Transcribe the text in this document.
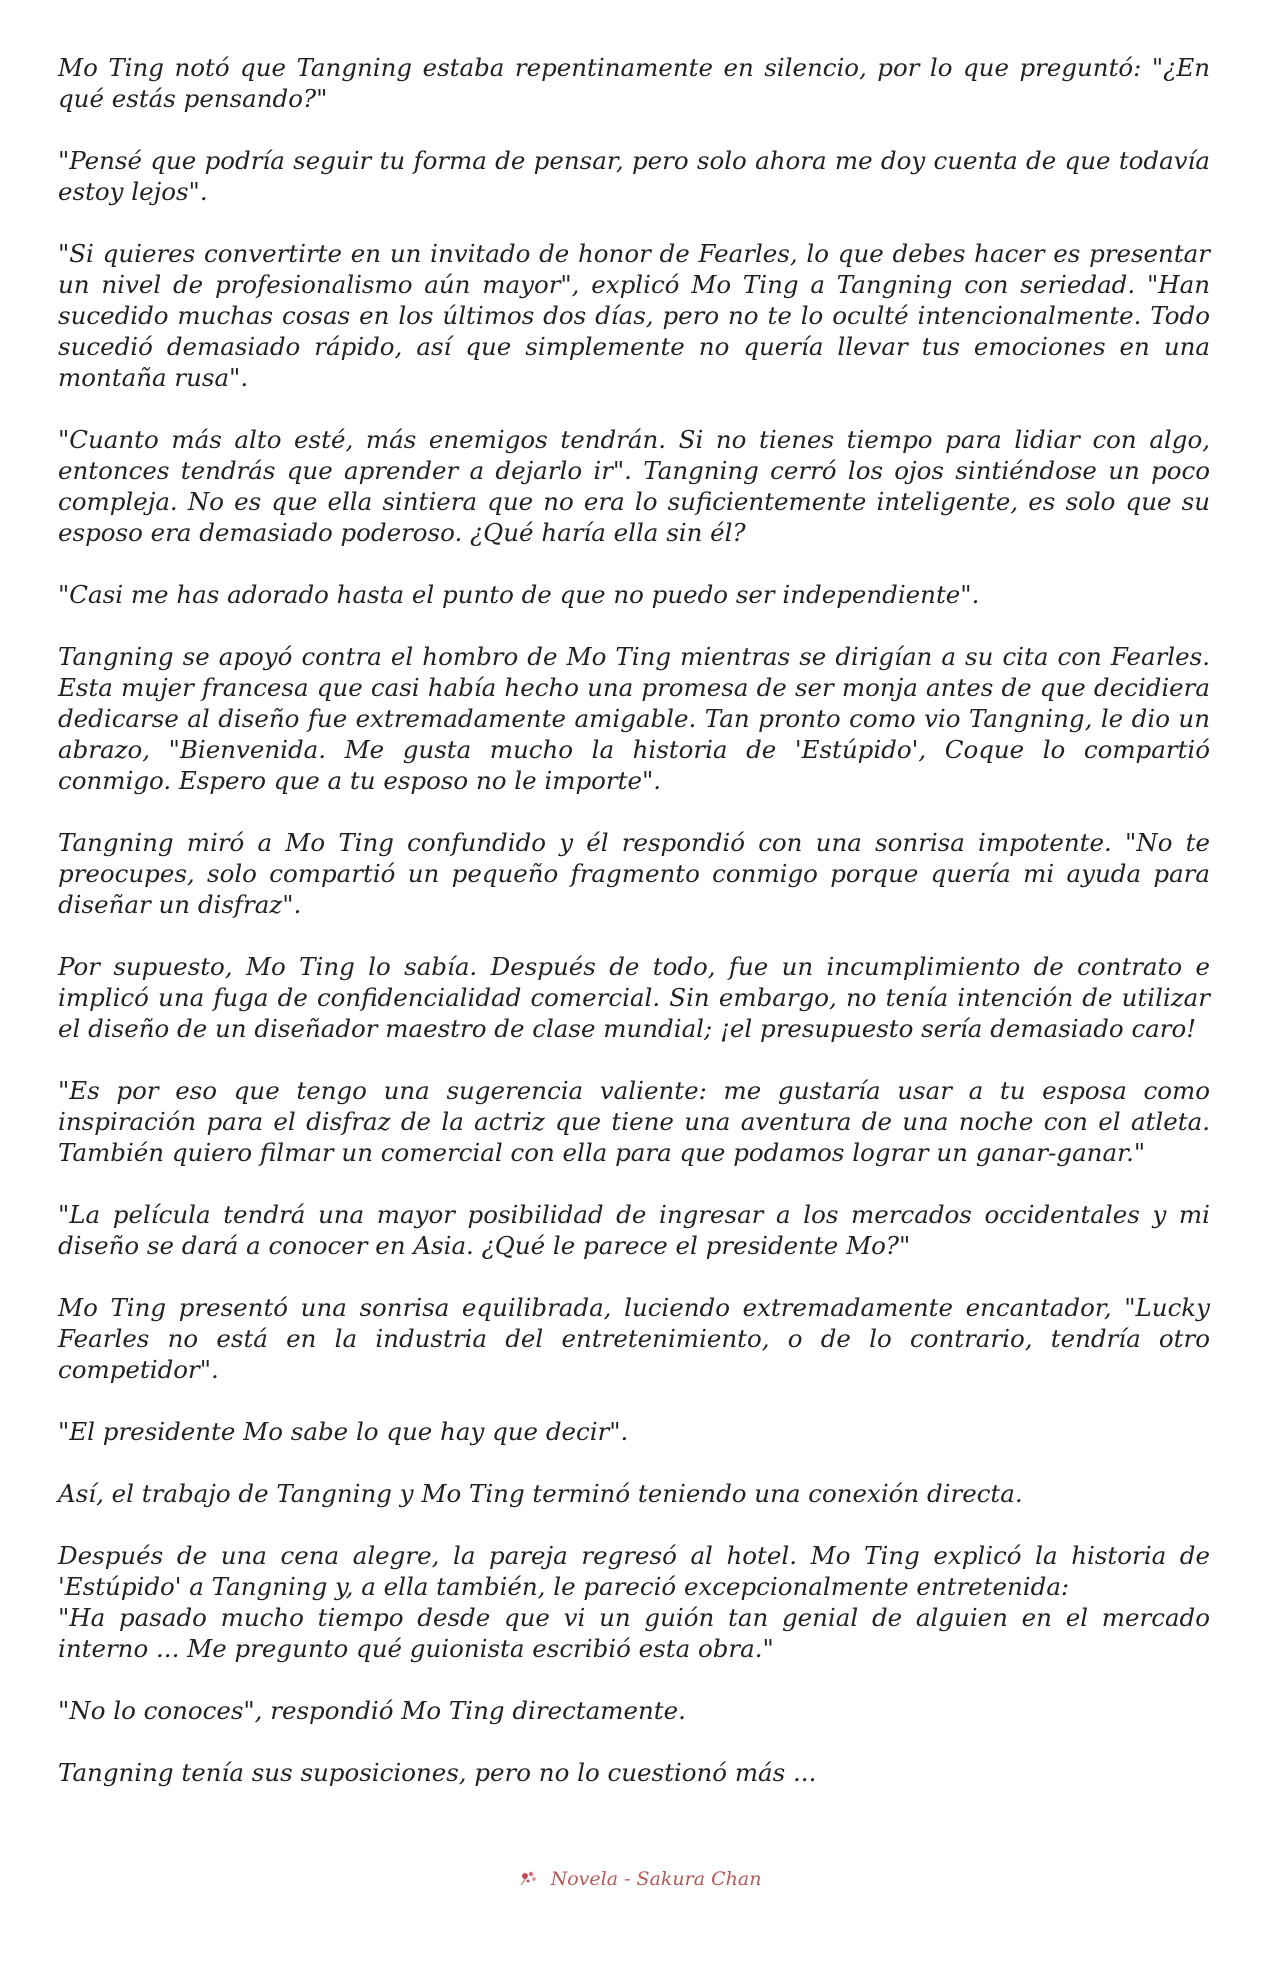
Mo Ting notó que Tangning estaba repentinamente en silencio, por lo que preguntó: "¿En qué estás pensando?"

"Pensé que podría seguir tu forma de pensar, pero solo ahora me doy cuenta de que todavía estoy lejos".

"Si quieres convertirte en un invitado de honor de Fearles, lo que debes hacer es presentar un nivel de profesionalismo aún mayor", explicó Mo Ting a Tangning con seriedad. "Han sucedido muchas cosas en los últimos dos días, pero no te lo oculté intencionalmente. Todo sucedió demasiado rápido, así que simplemente no quería llevar tus emociones en una montaña rusa".

"Cuanto más alto esté, más enemigos tendrán. Si no tienes tiempo para lidiar con algo, entonces tendrás que aprender a dejarlo ir". Tangning cerró los ojos sintiéndose un poco compleja. No es que ella sintiera que no era lo suficientemente inteligente, es solo que su esposo era demasiado poderoso. ¿Qué haría ella sin él?

"Casi me has adorado hasta el punto de que no puedo ser independiente".

Tangning se apoyó contra el hombro de Mo Ting mientras se dirigían a su cita con Fearles. Esta mujer francesa que casi había hecho una promesa de ser monja antes de que decidiera dedicarse al diseño fue extremadamente amigable. Tan pronto como vio Tangning, le dio un abrazo, "Bienvenida. Me gusta mucho la historia de 'Estúpido', Coque lo compartió conmigo. Espero que a tu esposo no le importe".

Tangning miró a Mo Ting confundido y él respondió con una sonrisa impotente. "No te preocupes, solo compartió un pequeño fragmento conmigo porque quería mi ayuda para diseñar un disfraz".

Por supuesto, Mo Ting lo sabía. Después de todo, fue un incumplimiento de contrato e implicó una fuga de confidencialidad comercial. Sin embargo, no tenía intención de utilizar el diseño de un diseñador maestro de clase mundial; ¡el presupuesto sería demasiado caro!

"Es por eso que tengo una sugerencia valiente: me gustaría usar a tu esposa como inspiración para el disfraz de la actriz que tiene una aventura de una noche con el atleta. También quiero filmar un comercial con ella para que podamos lograr un ganar-ganar."

"La película tendrá una mayor posibilidad de ingresar a los mercados occidentales y mi diseño se dará a conocer en Asia. ¿Qué le parece el presidente Mo?"

Mo Ting presentó una sonrisa equilibrada, luciendo extremadamente encantador, "Lucky Fearles no está en la industria del entretenimiento, o de lo contrario, tendría otro competidor".

"El presidente Mo sabe lo que hay que decir".

Así, el trabajo de Tangning y Mo Ting terminó teniendo una conexión directa.

Después de una cena alegre, la pareja regresó al hotel. Mo Ting explicó la historia de 'Estúpido' a Tangning y, a ella también, le pareció excepcionalmente entretenida:

"Ha pasado mucho tiempo desde que vi un guión tan genial de alguien en el mercado interno ... Me pregunto qué guionista escribió esta obra."

"No lo conoces", respondió Mo Ting directamente.

Tangning tenía sus suposiciones, pero no lo cuestionó más ...

Novela - Sakura Chan
